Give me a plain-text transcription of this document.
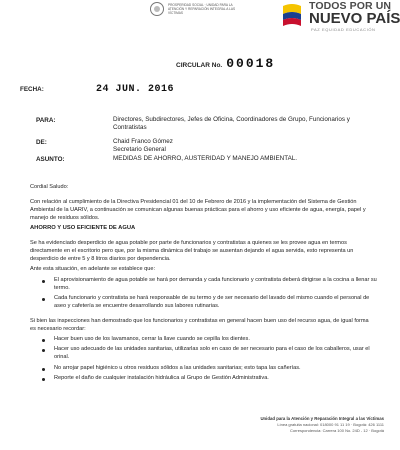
PROSPERIDAD SOCIAL · UNIDAD PARA LA ATENCIÓN Y REPARACIÓN INTEGRAL A LAS VÍCTIMAS
TODOS POR UN
NUEVO PAÍS
PAZ EQUIDAD EDUCACIÓN
CIRCULAR No. 00018
FECHA:	24 JUN. 2016
PARA:	Directores, Subdirectores, Jefes de Oficina, Coordinadores de Grupo, Funcionarios y Contratistas
DE:	Chaid Franco Gómez
Secretario General
ASUNTO:	MEDIDAS DE AHORRO, AUSTERIDAD Y MANEJO AMBIENTAL.
Cordial Saludo:
Con relación al cumplimiento de la Directiva Presidencial 01 del 10 de Febrero de 2016 y la implementación del Sistema de Gestión Ambiental de la UARIV, a continuación se comunican algunas buenas prácticas para el ahorro y uso eficiente de agua, energía, papel y manejo de residuos sólidos.
AHORRO Y USO EFICIENTE DE AGUA
Se ha evidenciado desperdicio de agua potable por parte de funcionarios y contratistas a quienes se les provee agua en termos directamente en el escritorio pero que, por la misma dinámica del trabajo se ausentan dejando el agua servida, esto representa un desperdicio de entre 5 y 8 litros diarios por dependencia.
Ante esta situación, en adelante se establece que:
El aprovisionamiento de agua potable se hará por demanda y cada funcionario y contratista deberá dirigirse a la cocina a llenar su termo.
Cada funcionario y contratista se hará responsable de su termo y de ser necesario del lavado del mismo cuando el personal de aseo y cafetería se encuentre desarrollando sus labores rutinarias.
Si bien las inspecciones han demostrado que los funcionarios y contratistas en general hacen buen uso del recurso agua, de igual forma es necesario recordar:
Hacer buen uso de los lavamanos, cerrar la llave cuando se cepilla los dientes.
Hacer uso adecuado de las unidades sanitarias, utilizarlas solo en caso de ser necesario para el caso de los caballeros, usar el orinal.
No arrojar papel higiénico u otros residuos sólidos a las unidades sanitarias; esto tapa las cañerías.
Reporte el daño de cualquier instalación hidráulica al Grupo de Gestión Administrativa.
Unidad para la Atención y Reparación Integral a las Víctimas
Línea gratuita nacional: 018000 91 11 19 · Bogotá: 426 1111
Correspondencia: Carrera 100 No. 24D - 12 · Bogotá
